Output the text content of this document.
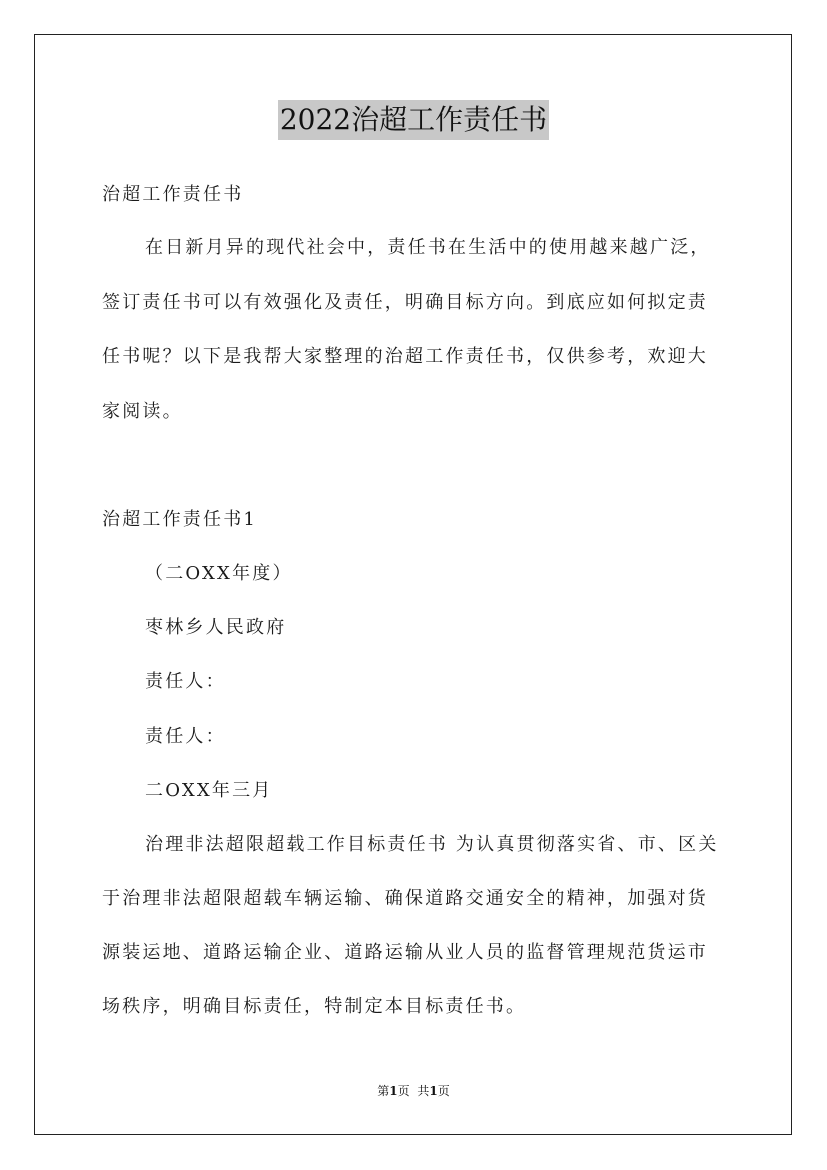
2022治超工作责任书
治超工作责任书
在日新月异的现代社会中，责任书在生活中的使用越来越广泛，
签订责任书可以有效强化及责任，明确目标方向。到底应如何拟定责
任书呢？以下是我帮大家整理的治超工作责任书，仅供参考，欢迎大
家阅读。
治超工作责任书1
（二OXX年度）
枣林乡人民政府
责任人：
责任人：
二OXX年三月
治理非法超限超载工作目标责任书 为认真贯彻落实省、市、区关
于治理非法超限超载车辆运输、确保道路交通安全的精神，加强对货
源装运地、道路运输企业、道路运输从业人员的监督管理规范货运市
场秩序，明确目标责任，特制定本目标责任书。
第1页 共1页
